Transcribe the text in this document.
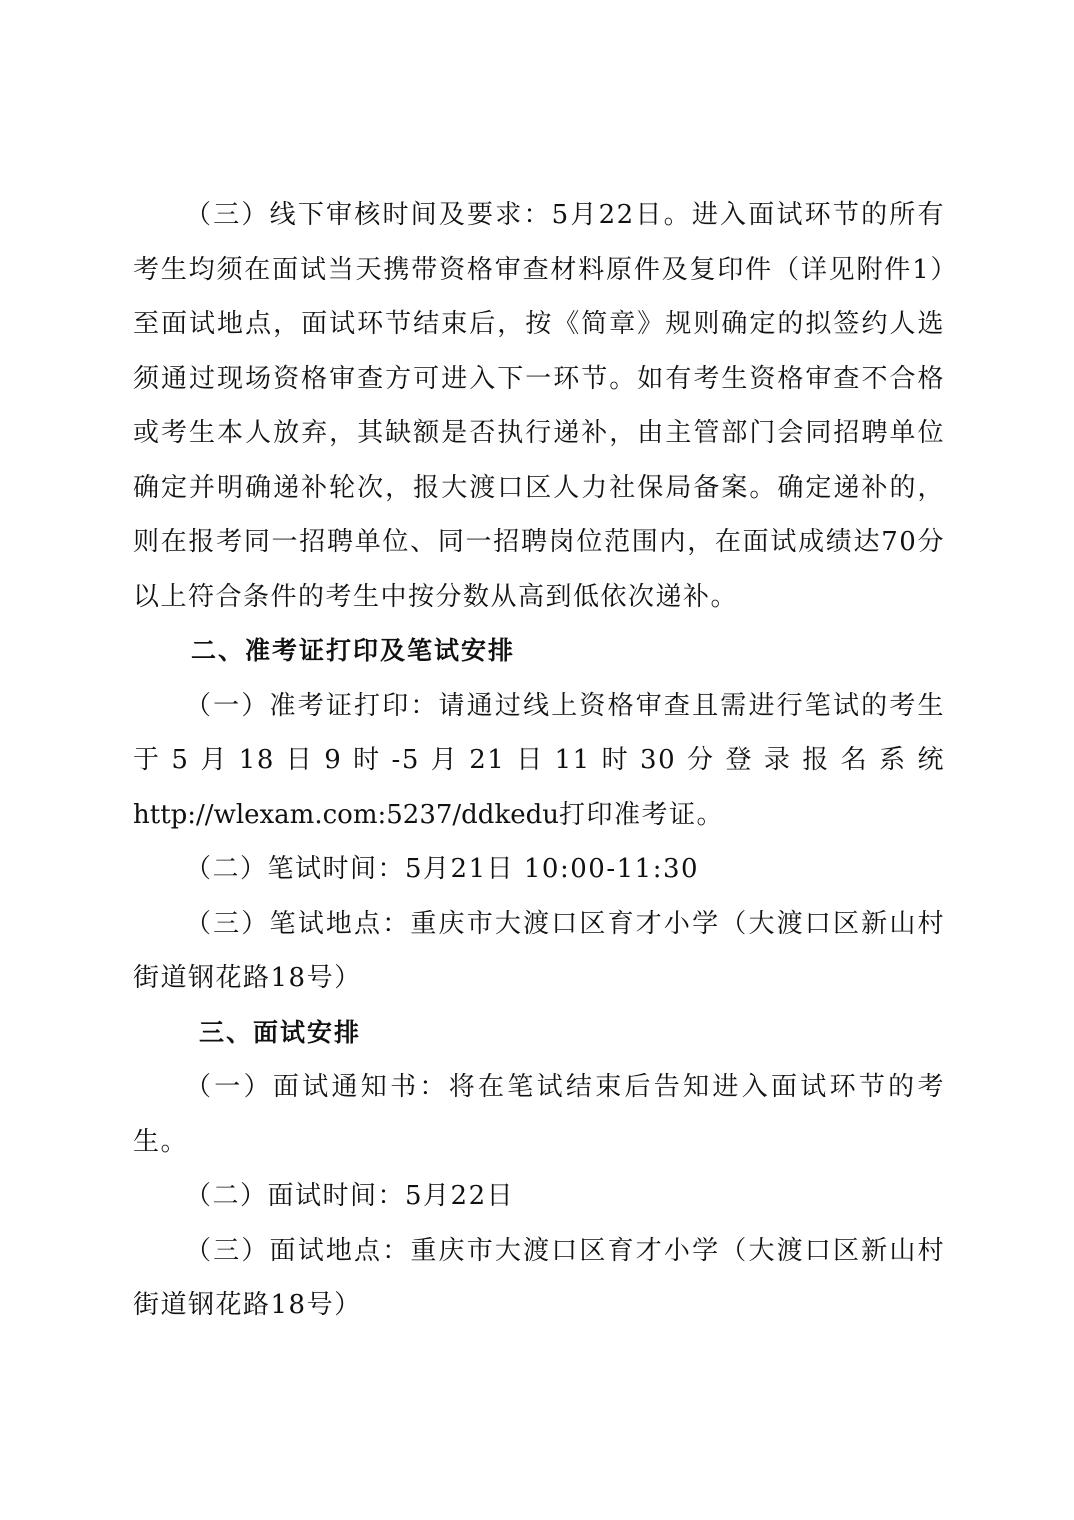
（三）线下审核时间及要求：5月22日。进入面试环节的所有考生均须在面试当天携带资格审查材料原件及复印件（详见附件1）至面试地点，面试环节结束后，按《简章》规则确定的拟签约人选须通过现场资格审查方可进入下一环节。如有考生资格审查不合格或考生本人放弃，其缺额是否执行递补，由主管部门会同招聘单位确定并明确递补轮次，报大渡口区人力社保局备案。确定递补的，则在报考同一招聘单位、同一招聘岗位范围内，在面试成绩达70分以上符合条件的考生中按分数从高到低依次递补。

二、准考证打印及笔试安排

（一）准考证打印：请通过线上资格审查且需进行笔试的考生于5月18日9时-5月21日11时30分登录报名系统http://wlexam.com:5237/ddkedu打印准考证。

（二）笔试时间：5月21日 10:00-11:30

（三）笔试地点：重庆市大渡口区育才小学（大渡口区新山村街道钢花路18号）

三、面试安排

（一）面试通知书：将在笔试结束后告知进入面试环节的考生。

（二）面试时间：5月22日

（三）面试地点：重庆市大渡口区育才小学（大渡口区新山村街道钢花路18号）
